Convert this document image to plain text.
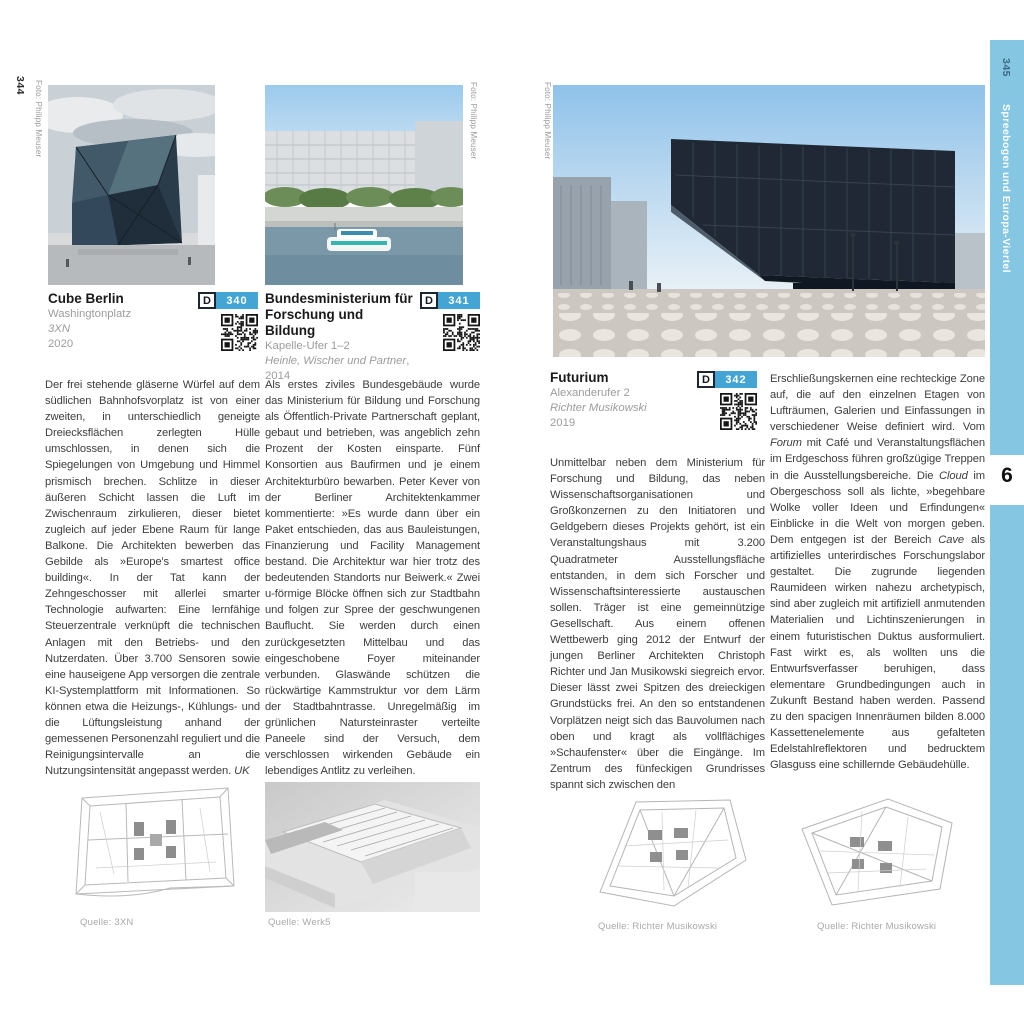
344 Foto: Philipp Meuser	Foto: Philipp Meuser
Cube Berlin
Washingtonplatz
3XN
2020
D	340	Bundesministerium für Forschung und Bildung
Kapelle-Ufer 1–2
Heinle, Wischer und Partner, 2014
D	341
Der frei stehende gläserne Würfel auf dem südlichen Bahnhofsvorplatz ist von einer zweiten, in unterschiedlich geneigte Dreiecksflächen zerlegten Hülle umschlossen, in denen sich die Spiegelungen von Umgebung und Himmel prismisch brechen. Schlitze in dieser äußeren Schicht lassen die Luft im Zwischenraum zirkulieren, dieser bietet zugleich auf jeder Ebene Raum für lange Balkone. Die Architekten bewerben das Gebilde als »Europe's smartest office building«. In der Tat kann der Zehngeschosser mit allerlei smarter Technologie aufwarten: Eine lernfähige Steuerzentrale verknüpft die technischen Anlagen mit den Betriebs- und den Nutzerdaten. Über 3.700 Sensoren sowie eine hauseigene App versorgen die zentrale KI-Systemplattform mit Informationen. So können etwa die Heizungs-, Kühlungs- und die Lüftungsleistung anhand der gemessenen Personenzahl reguliert und die Reinigungsintervalle an die Nutzungsintensität angepasst werden. UK
Als erstes ziviles Bundesgebäude wurde das Ministerium für Bildung und Forschung als Öffentlich-Private Partnerschaft geplant, gebaut und betrieben, was angeblich zehn Prozent der Kosten einsparte. Fünf Konsortien aus Baufirmen und je einem Architekturbüro bewarben. Peter Kever von der Berliner Architektenkammer kommentierte: »Es wurde dann über ein Paket entschieden, das aus Bauleistungen, Finanzierung und Facility Management bestand. Die Architektur war hier trotz des bedeutenden Standorts nur Beiwerk.« Zwei u-förmige Blöcke öffnen sich zur Stadtbahn und folgen zur Spree der geschwungenen Bauflucht. Sie werden durch einen zurückgesetzten Mittelbau und das eingeschobene Foyer miteinander verbunden. Glaswände schützen die rückwärtige Kammstruktur vor dem Lärm der Stadtbahntrasse. Unregelmäßig im grünlichen Natursteinraster verteilte Paneele sind der Versuch, dem verschlossen wirkenden Gebäude ein lebendiges Antlitz zu verleihen.
Quelle: 3XN	Quelle: Werk5
Foto: Philipp Meuser
Futurium
Alexanderufer 2
Richter Musikowski
2019
D	342
Unmittelbar neben dem Ministerium für Forschung und Bildung, das neben Wissenschaftsorganisationen und Großkonzernen zu den Initiatoren und Geldgebern dieses Projekts gehört, ist ein Veranstaltungshaus mit 3.200 Quadratmeter Ausstellungsfläche entstanden, in dem sich Forscher und Wissenschaftsinteressierte austauschen sollen. Träger ist eine gemeinnützige Gesellschaft. Aus einem offenen Wettbewerb ging 2012 der Entwurf der jungen Berliner Architekten Christoph Richter und Jan Musikowski siegreich ervor. Dieser lässt zwei Spitzen des dreieckigen Grundstücks frei. An den so entstandenen Vorplätzen neigt sich das Bauvolumen nach oben und kragt als vollflächiges »Schaufenster« über die Eingänge. Im Zentrum des fünfeckigen Grundrisses spannt sich zwischen den
Erschließungskernen eine rechteckige Zone auf, die auf den einzelnen Etagen von Lufträumen, Galerien und Einfassungen in verschiedener Weise definiert wird. Vom Forum mit Café und Veranstaltungsflächen im Erdgeschoss führen großzügige Treppen in die Ausstellungsbereiche. Die Cloud im Obergeschoss soll als lichte, »begehbare Wolke voller Ideen und Erfindungen« Einblicke in die Welt von morgen geben. Dem entgegen ist der Bereich Cave als artifizielles unterirdisches Forschungslabor gestaltet. Die zugrunde liegenden Raumideen wirken nahezu archetypisch, sind aber zugleich mit artifiziell anmutenden Materialien und Lichtinszenierungen in einem futuristischen Duktus ausformuliert. Fast wirkt es, als wollten uns die Entwurfsverfasser beruhigen, dass elementare Grundbedingungen auch in Zukunft Bestand haben werden. Passend zu den spacigen Innenräumen bilden 8.000 Kassettenelemente aus gefalteten Edelstahlreflektoren und bedrucktem Glasguss eine schillernde Gebäudehülle.
Quelle: Richter Musikowski	Quelle: Richter Musikowski
345
Spreebogen und Europa-Viertel
6
